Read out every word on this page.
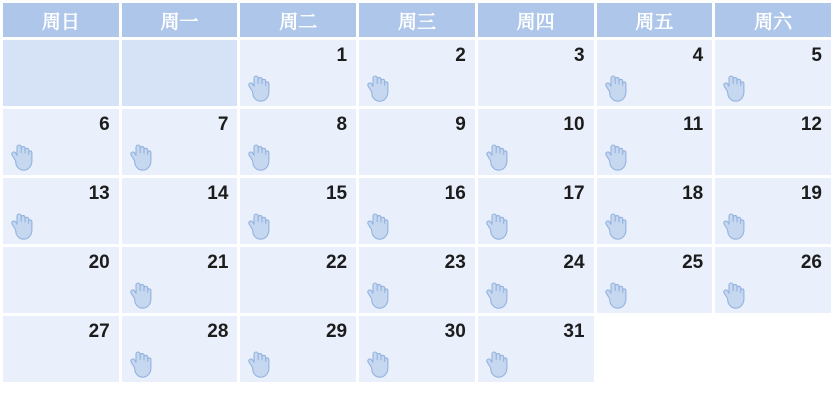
周日	周一	周二	周三	周四	周五	周六

		1	2	3	4	5

6	7	8	9	10	11	12

13	14	15	16	17	18	19

20	21	22	23	24	25	26

27	28	29	30	31		
